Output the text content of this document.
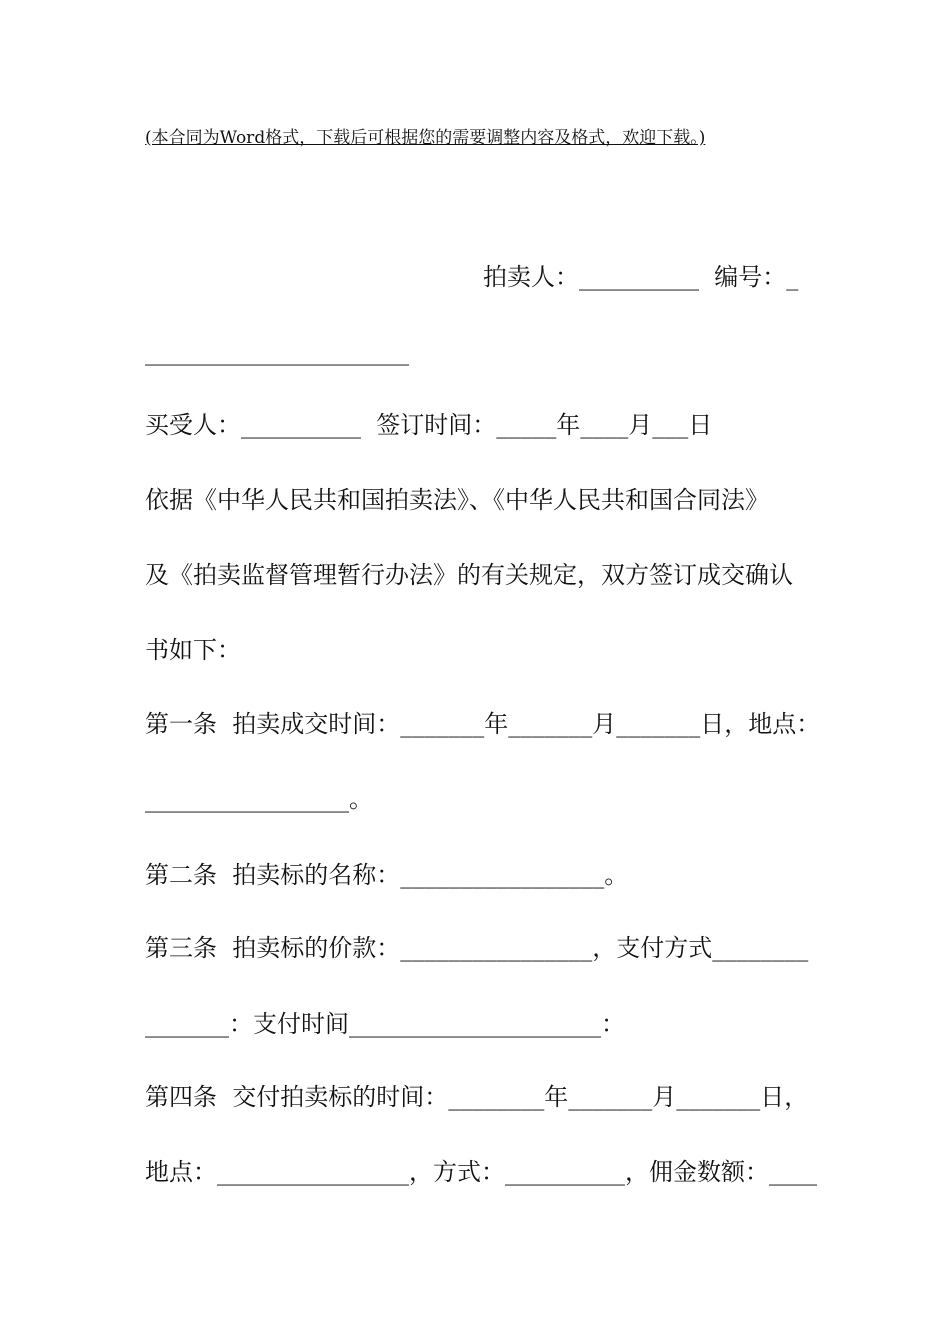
(本合同为Word格式，下载后可根据您的需要调整内容及格式，欢迎下载。)
拍卖人：__________  编号：_
______________________
买受人：__________  签订时间：_____年____月___日
依据《中华人民共和国拍卖法》、《中华人民共和国合同法》
及《拍卖监督管理暂行办法》的有关规定，双方签订成交确认
书如下：
第一条  拍卖成交时间：_______年_______月_______日，地点：
_________________。
第二条  拍卖标的名称：_________________。
第三条  拍卖标的价款：________________，支付方式________
_______：支付时间_____________________：
第四条  交付拍卖标的时间：________年_______月_______日，
地点：________________，方式：__________，佣金数额：____
